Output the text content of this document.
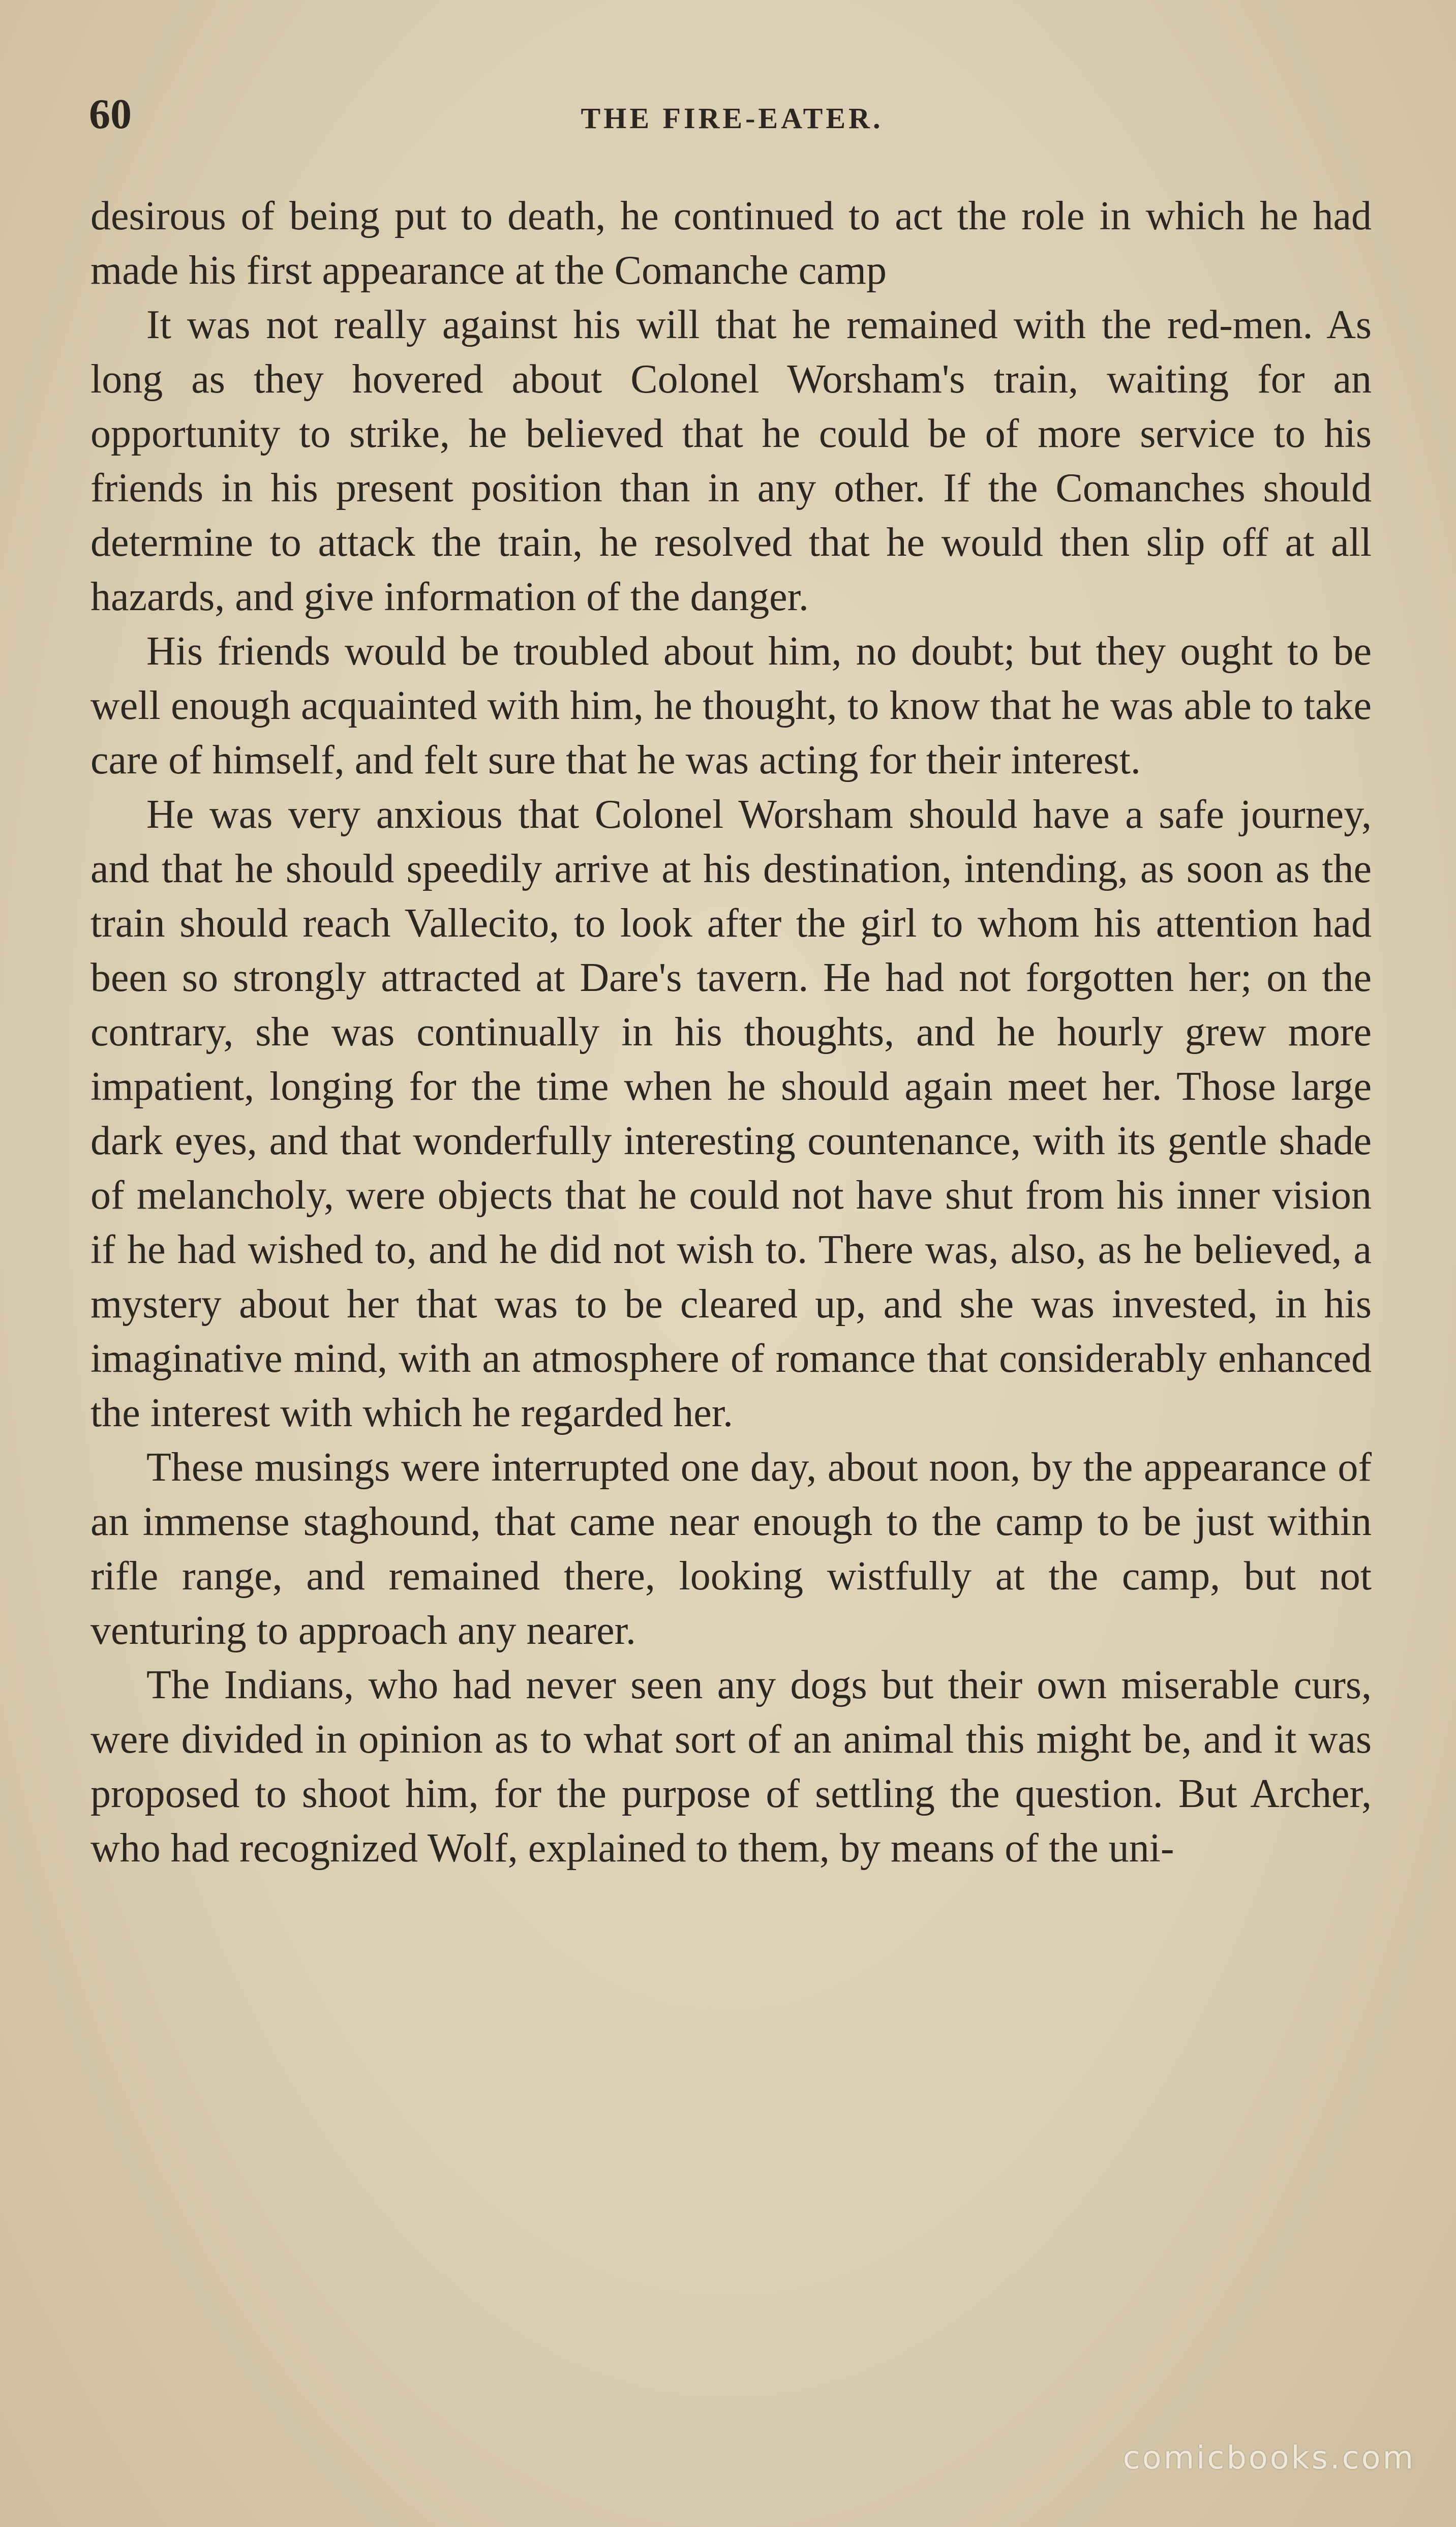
60	THE FIRE-EATER.

desirous of being put to death, he continued to act the role in which he had made his first appearance at the Comanche camp

It was not really against his will that he remained with the red-men. As long as they hovered about Colonel Worsham's train, waiting for an opportunity to strike, he believed that he could be of more service to his friends in his present position than in any other. If the Comanches should determine to attack the train, he resolved that he would then slip off at all hazards, and give information of the danger.

His friends would be troubled about him, no doubt; but they ought to be well enough acquainted with him, he thought, to know that he was able to take care of himself, and felt sure that he was acting for their interest.

He was very anxious that Colonel Worsham should have a safe journey, and that he should speedily arrive at his destination, intending, as soon as the train should reach Vallecito, to look after the girl to whom his attention had been so strongly attracted at Dare's tavern. He had not forgotten her; on the contrary, she was continually in his thoughts, and he hourly grew more impatient, longing for the time when he should again meet her. Those large dark eyes, and that wonderfully interesting countenance, with its gentle shade of melancholy, were objects that he could not have shut from his inner vision if he had wished to, and he did not wish to. There was, also, as he believed, a mystery about her that was to be cleared up, and she was invested, in his imaginative mind, with an atmosphere of romance that considerably enhanced the interest with which he regarded her.

These musings were interrupted one day, about noon, by the appearance of an immense staghound, that came near enough to the camp to be just within rifle range, and remained there, looking wistfully at the camp, but not venturing to approach any nearer.

The Indians, who had never seen any dogs but their own miserable curs, were divided in opinion as to what sort of an animal this might be, and it was proposed to shoot him, for the purpose of settling the question. But Archer, who had recognized Wolf, explained to them, by means of the uni-

comicbooks.com
